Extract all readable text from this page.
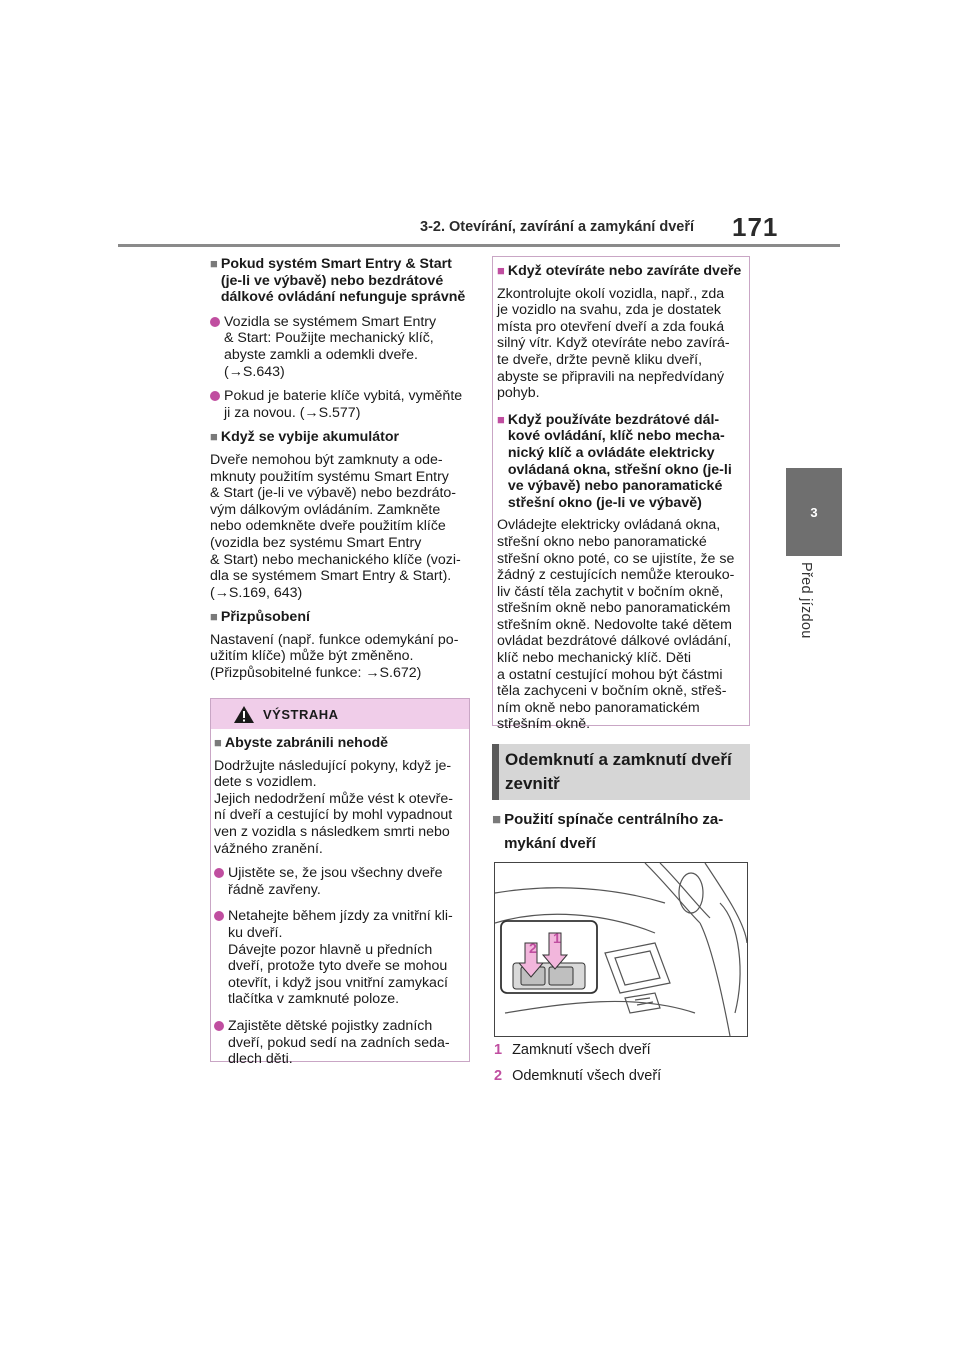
3-2. Otevírání, zavírání a zamykání dveří 171
3
Před jízdou
■ Pokud systém Smart Entry & Start (je-li ve výbavě) nebo bezdrátové dálkové ovládání nefunguje správně
Vozidla se systémem Smart Entry
& Start: Použijte mechanický klíč,
abyste zamkli a odemkli dveře.
(→S.643)
Pokud je baterie klíče vybitá, vyměňte
ji za novou. (→S.577)
■ Když se vybije akumulátor

Dveře nemohou být zamknuty a ode-
mknuty použitím systému Smart Entry
& Start (je-li ve výbavě) nebo bezdráto-
vým dálkovým ovládáním. Zamkněte
nebo odemkněte dveře použitím klíče
(vozidla bez systému Smart Entry
& Start) nebo mechanického klíče (vozi-
dla se systémem Smart Entry & Start).
(→S.169, 643)

■ Přizpůsobení

Nastavení (např. funkce odemykání po-
užitím klíče) může být změněno.
(Přizpůsobitelné funkce: →S.672)

VÝSTRAHA
■ Abyste zabránili nehodě

Dodržujte následující pokyny, když je-
dete s vozidlem.
Jejich nedodržení může vést k otevře-
ní dveří a cestující by mohl vypadnout
ven z vozidla s následkem smrti nebo
vážného zranění.

Ujistěte se, že jsou všechny dveře
řádně zavřeny.
Netahejte během jízdy za vnitřní kli-
ku dveří.
Dávejte pozor hlavně u předních
dveří, protože tyto dveře se mohou
otevřít, i když jsou vnitřní zamykací
tlačítka v zamknuté poloze.
Zajistěte dětské pojistky zadních
dveří, pokud sedí na zadních seda-
dlech děti.
■ Když otevíráte nebo zavíráte dveře

Zkontrolujte okolí vozidla, např., zda
je vozidlo na svahu, zda je dostatek
místa pro otevření dveří a zda fouká
silný vítr. Když otevíráte nebo zavírá-
te dveře, držte pevně kliku dveří,
abyste se připravili na nepředvídaný
pohyb.

■ Když používáte bezdrátové dál-
kové ovládání, klíč nebo mecha-
nický klíč a ovládáte elektricky
ovládaná okna, střešní okno (je-li
ve výbavě) nebo panoramatické
střešní okno (je-li ve výbavě)

Ovládejte elektricky ovládaná okna,
střešní okno nebo panoramatické
střešní okno poté, co se ujistíte, že se
žádný z cestujících nemůže kterouko-
liv částí těla zachytit v bočním okně,
střešním okně nebo panoramatickém
střešním okně. Nedovolte také dětem
ovládat bezdrátové dálkové ovládání,
klíč nebo mechanický klíč. Děti
a ostatní cestující mohou být částmi
těla zachyceni v bočním okně, střeš-
ním okně nebo panoramatickém
střešním okně.

Odemknutí a zamknutí dveří zevnitř
■ Použití spínače centrálního za-
mykání dveří
2
1
1 Zamknutí všech dveří
2 Odemknutí všech dveří
